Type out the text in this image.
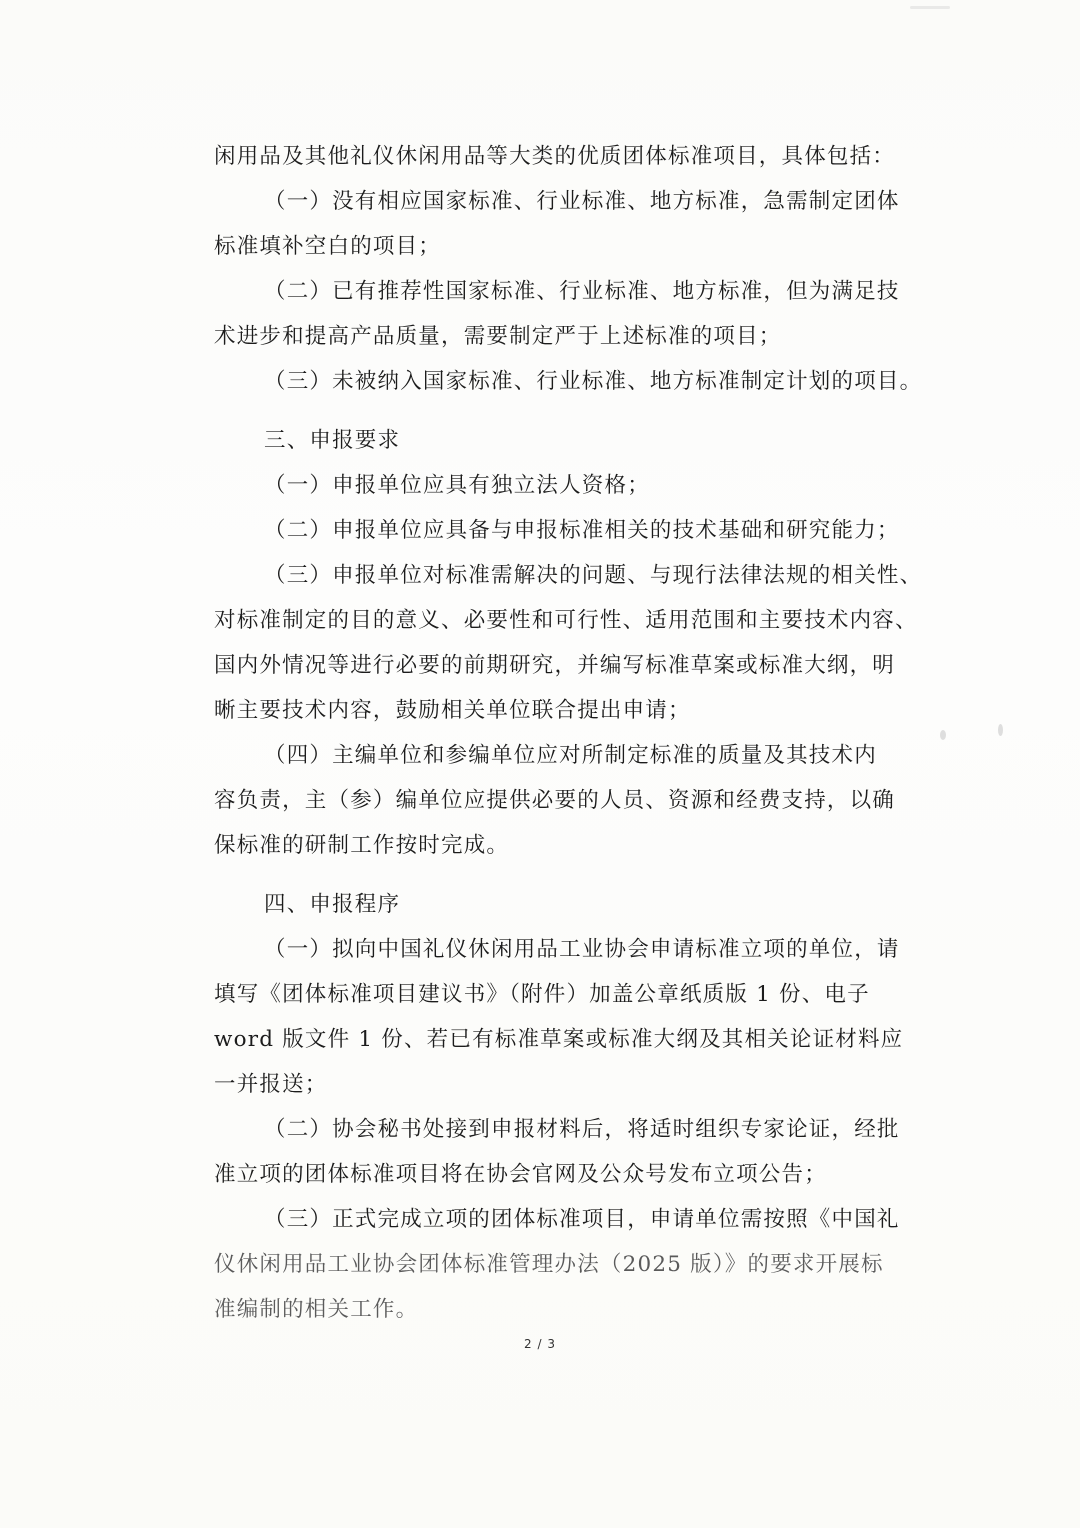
闲用品及其他礼仪休闲用品等大类的优质团体标准项目，具体包括：

（一）没有相应国家标准、行业标准、地方标准，急需制定团体

标准填补空白的项目；

（二）已有推荐性国家标准、行业标准、地方标准，但为满足技

术进步和提高产品质量，需要制定严于上述标准的项目；

（三）未被纳入国家标准、行业标准、地方标准制定计划的项目。

三、申报要求

（一）申报单位应具有独立法人资格；

（二）申报单位应具备与申报标准相关的技术基础和研究能力；

（三）申报单位对标准需解决的问题、与现行法律法规的相关性、

对标准制定的目的意义、必要性和可行性、适用范围和主要技术内容、

国内外情况等进行必要的前期研究，并编写标准草案或标准大纲，明

晰主要技术内容，鼓励相关单位联合提出申请；

（四）主编单位和参编单位应对所制定标准的质量及其技术内

容负责，主（参）编单位应提供必要的人员、资源和经费支持，以确

保标准的研制工作按时完成。

四、申报程序

（一）拟向中国礼仪休闲用品工业协会申请标准立项的单位，请

填写《团体标准项目建议书》（附件）加盖公章纸质版 1 份、电子

word 版文件 1 份、若已有标准草案或标准大纲及其相关论证材料应

一并报送；

（二）协会秘书处接到申报材料后，将适时组织专家论证，经批

准立项的团体标准项目将在协会官网及公众号发布立项公告；

（三）正式完成立项的团体标准项目，申请单位需按照《中国礼

仪休闲用品工业协会团体标准管理办法（2025 版）》的要求开展标

准编制的相关工作。

2 / 3
